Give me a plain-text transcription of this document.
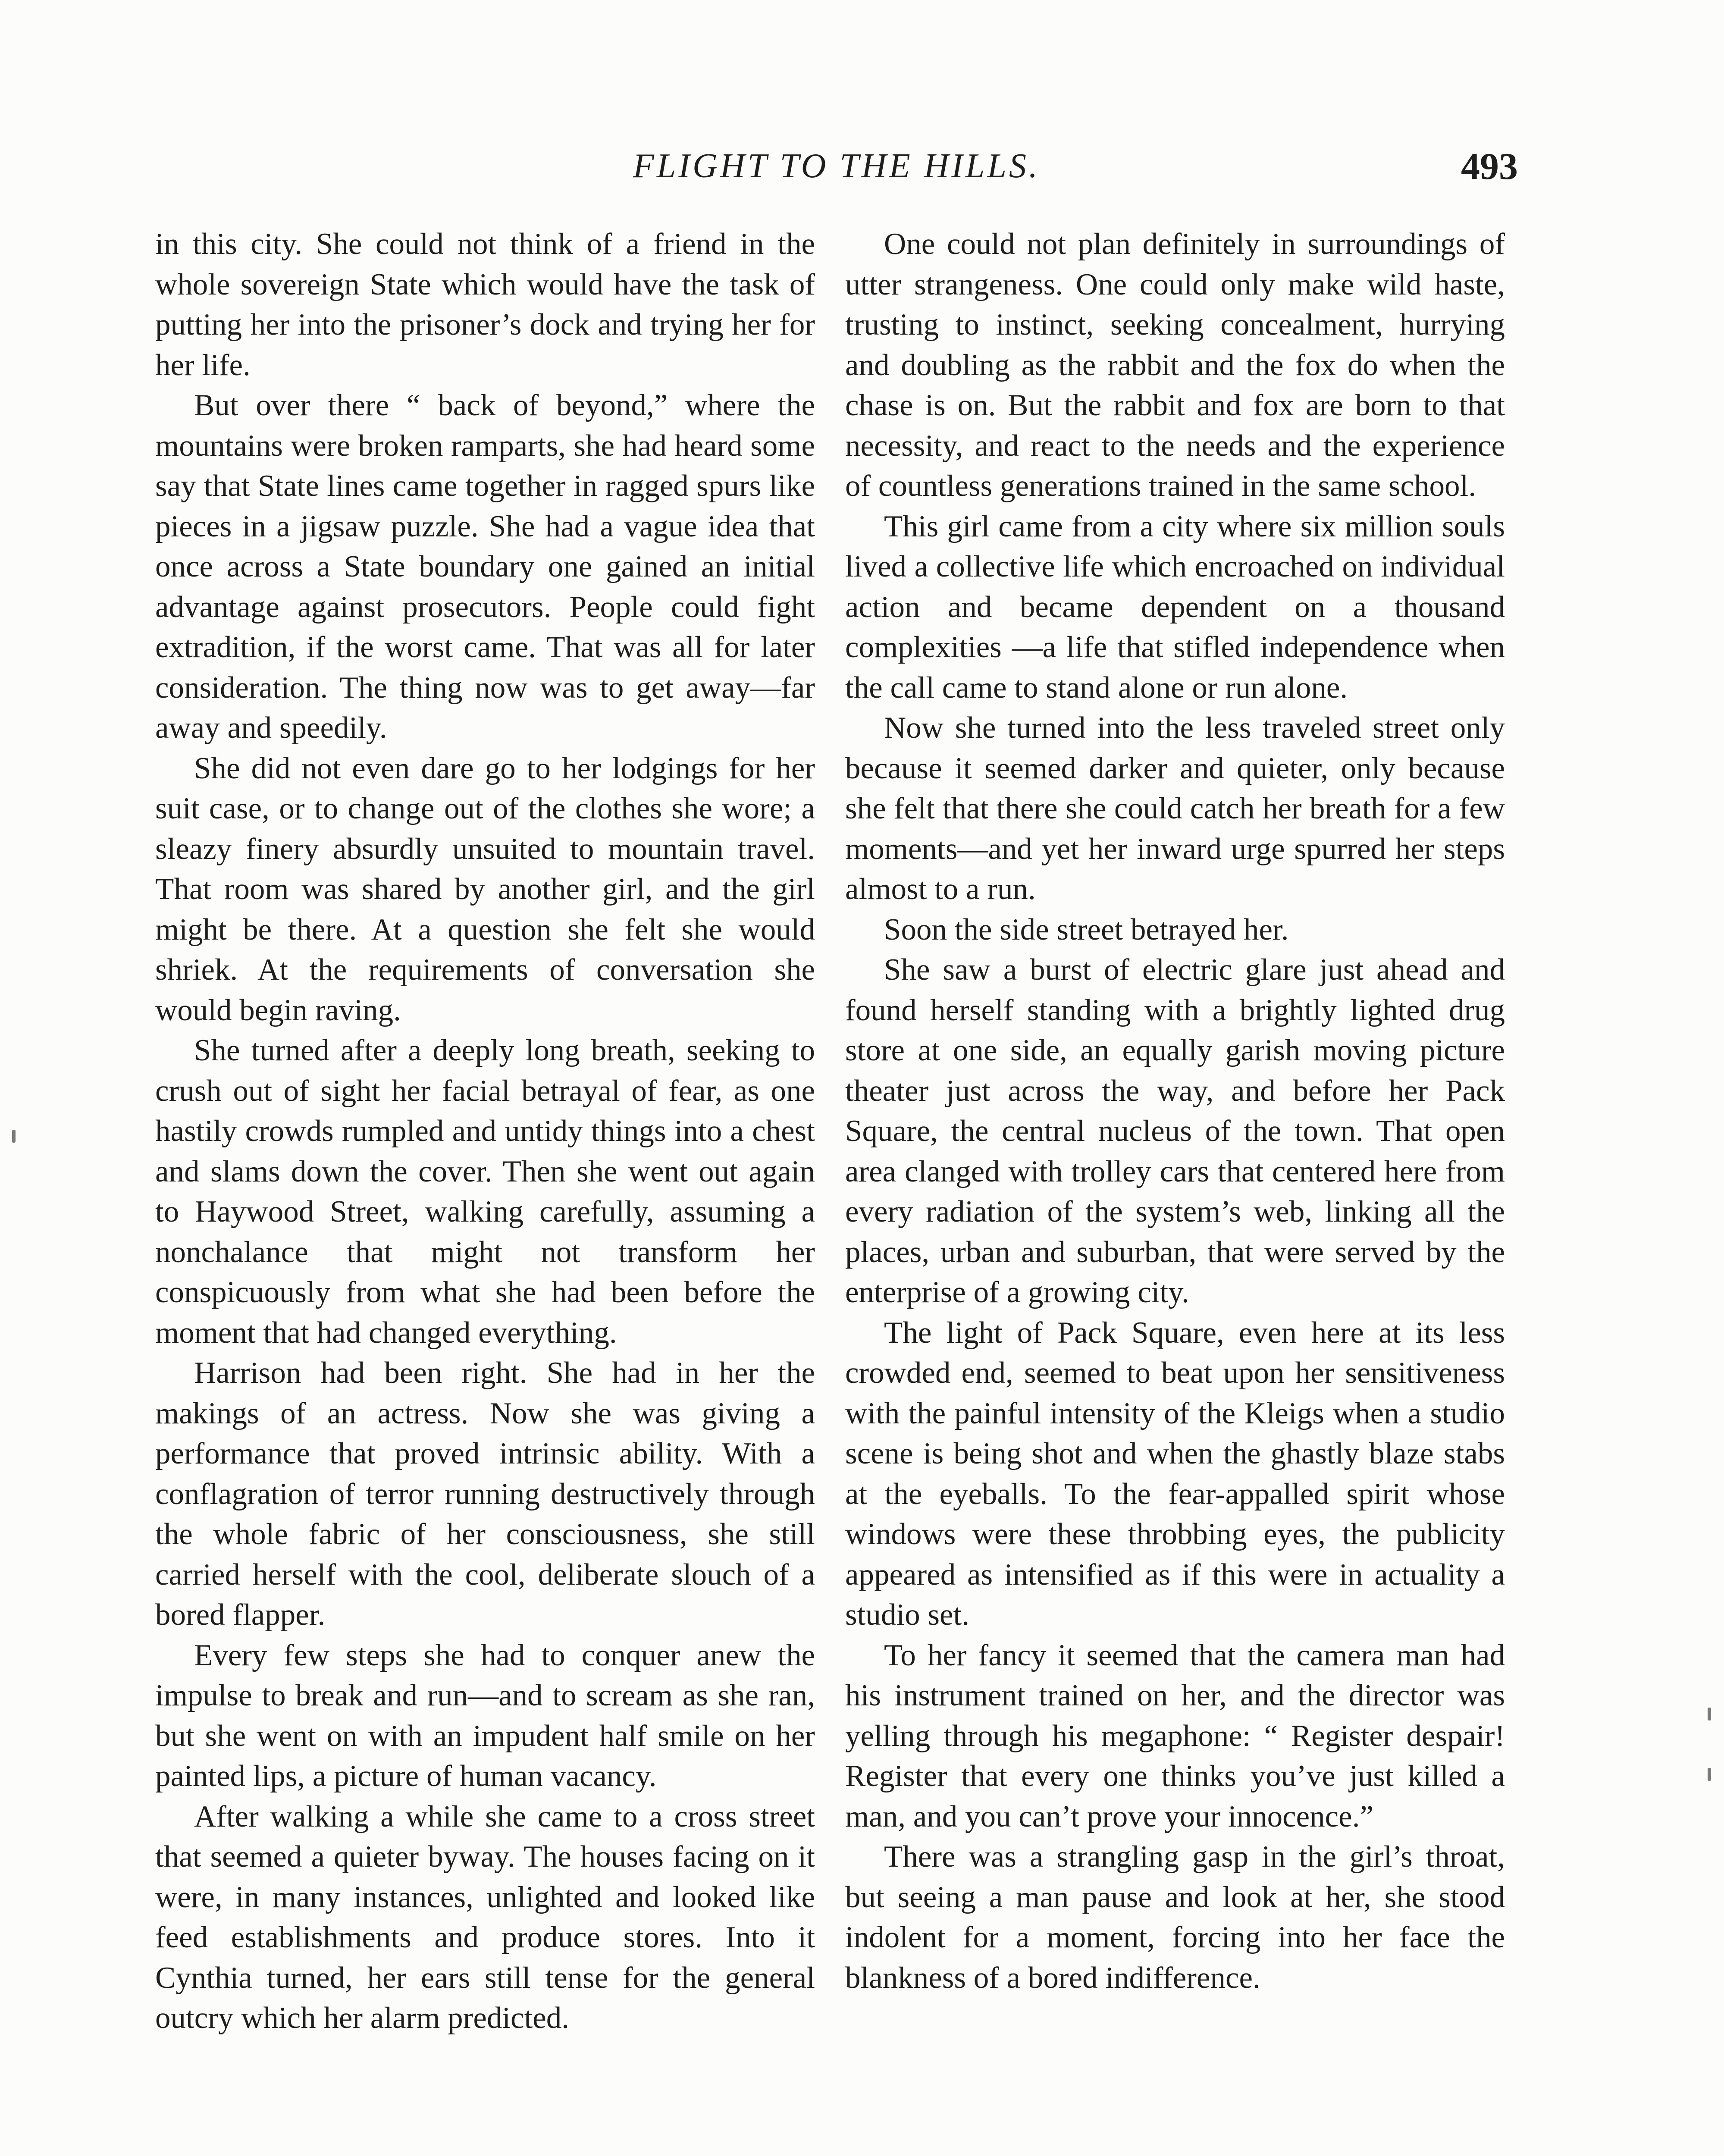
FLIGHT TO THE HILLS.	493

in this city. She could not think of a friend in the whole sovereign State which would have the task of putting her into the prisoner’s dock and trying her for her life.

But over there “ back of beyond,” where the mountains were broken ramparts, she had heard some say that State lines came together in ragged spurs like pieces in a jigsaw puzzle. She had a vague idea that once across a State boundary one gained an initial advantage against prosecutors. People could fight extradition, if the worst came. That was all for later consideration. The thing now was to get away—far away and speedily.

She did not even dare go to her lodgings for her suit case, or to change out of the clothes she wore; a sleazy finery absurdly unsuited to mountain travel. That room was shared by another girl, and the girl might be there. At a question she felt she would shriek. At the requirements of conversation she would begin raving.

She turned after a deeply long breath, seeking to crush out of sight her facial betrayal of fear, as one hastily crowds rumpled and untidy things into a chest and slams down the cover. Then she went out again to Haywood Street, walking carefully, assuming a nonchalance that might not transform her conspicuously from what she had been before the moment that had changed everything.

Harrison had been right. She had in her the makings of an actress. Now she was giving a performance that proved intrinsic ability. With a conflagration of terror running destructively through the whole fabric of her consciousness, she still carried herself with the cool, deliberate slouch of a bored flapper.

Every few steps she had to conquer anew the impulse to break and run—and to scream as she ran, but she went on with an impudent half smile on her painted lips, a picture of human vacancy.

After walking a while she came to a cross street that seemed a quieter byway. The houses facing on it were, in many instances, unlighted and looked like feed establishments and produce stores. Into it Cynthia turned, her ears still tense for the general outcry which her alarm predicted.

One could not plan definitely in surroundings of utter strangeness. One could only make wild haste, trusting to instinct, seeking concealment, hurrying and doubling as the rabbit and the fox do when the chase is on. But the rabbit and fox are born to that necessity, and react to the needs and the experience of countless generations trained in the same school.

This girl came from a city where six million souls lived a collective life which encroached on individual action and became dependent on a thousand complexities —a life that stifled independence when the call came to stand alone or run alone.

Now she turned into the less traveled street only because it seemed darker and quieter, only because she felt that there she could catch her breath for a few moments—and yet her inward urge spurred her steps almost to a run.

Soon the side street betrayed her.

She saw a burst of electric glare just ahead and found herself standing with a brightly lighted drug store at one side, an equally garish moving picture theater just across the way, and before her Pack Square, the central nucleus of the town. That open area clanged with trolley cars that centered here from every radiation of the system’s web, linking all the places, urban and suburban, that were served by the enterprise of a growing city.

The light of Pack Square, even here at its less crowded end, seemed to beat upon her sensitiveness with the painful intensity of the Kleigs when a studio scene is being shot and when the ghastly blaze stabs at the eyeballs. To the fear-appalled spirit whose windows were these throbbing eyes, the publicity appeared as intensified as if this were in actuality a studio set.

To her fancy it seemed that the camera man had his instrument trained on her, and the director was yelling through his megaphone: “ Register despair! Register that every one thinks you’ve just killed a man, and you can’t prove your innocence.”

There was a strangling gasp in the girl’s throat, but seeing a man pause and look at her, she stood indolent for a moment, forcing into her face the blankness of a bored indifference.
